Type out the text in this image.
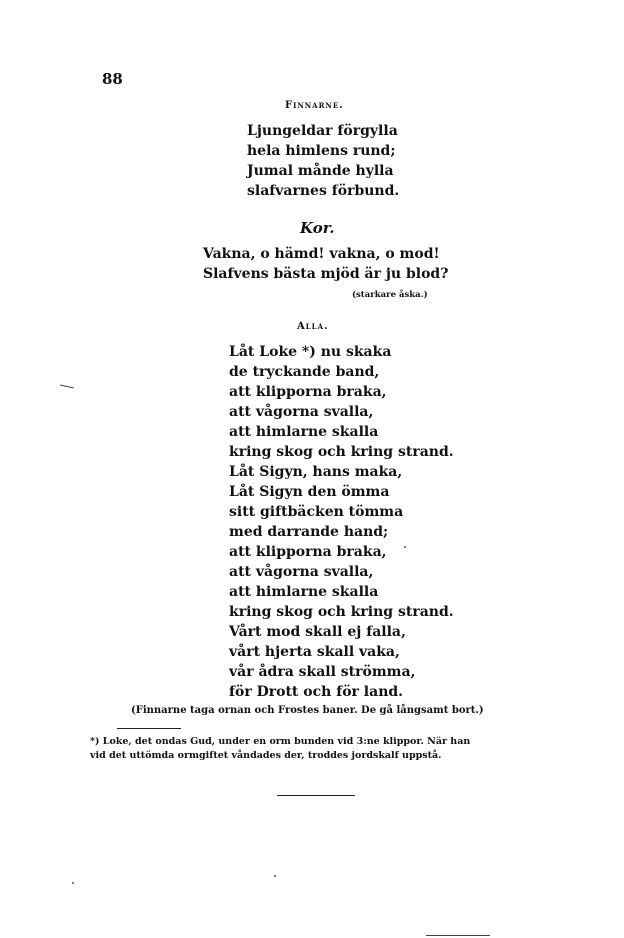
88
Finnarne.
Ljungeldar förgylla
hela himlens rund;
Jumal månde hylla
slafvarnes förbund.
Kor.
Vakna, o hämd! vakna, o mod!
Slafvens bästa mjöd är ju blod?
(starkare åska.)
Alla.
Låt Loke *) nu skaka
de tryckande band,
att klipporna braka,
att vågorna svalla,
att himlarne skalla
kring skog och kring strand.
Låt Sigyn, hans maka,
Låt Sigyn den ömma
sitt giftbäcken tömma
med darrande hand;
att klipporna braka,
att vågorna svalla,
att himlarne skalla
kring skog och kring strand.
Vårt mod skall ej falla,
vårt hjerta skall vaka,
vår ådra skall strömma,
för Drott och för land.
(Finnarne taga ornan och Frostes baner. De gå långsamt bort.)
*) Loke, det ondas Gud, under en orm bunden vid 3:ne klippor. När han
vid det uttömda ormgiftet våndades der, troddes jordskalf uppstå.
